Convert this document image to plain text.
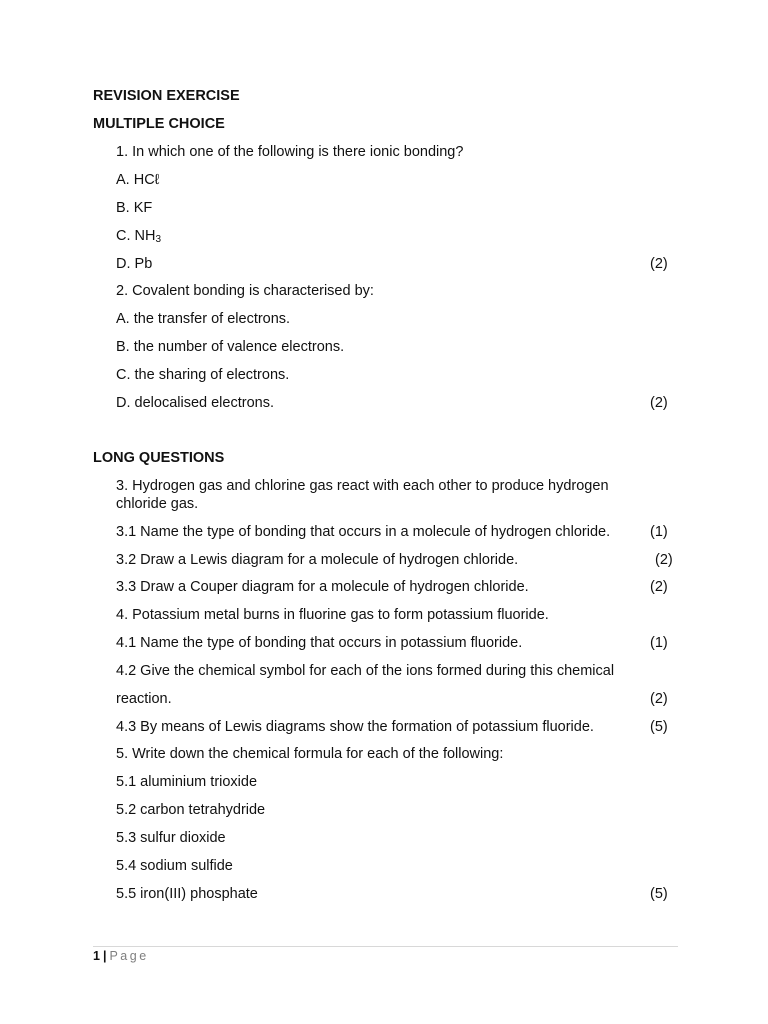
REVISION EXERCISE
MULTIPLE CHOICE
1. In which one of the following is there ionic bonding?
A. HCℓ
B. KF
C. $NH_3$
D. Pb	(2)
2. Covalent bonding is characterised by:
A. the transfer of electrons.
B. the number of valence electrons.
C. the sharing of electrons.
D. delocalised electrons.	(2)
LONG QUESTIONS
3. Hydrogen gas and chlorine gas react with each other to produce hydrogen chloride gas.
3.1 Name the type of bonding that occurs in a molecule of hydrogen chloride.	(1)
3.2 Draw a Lewis diagram for a molecule of hydrogen chloride.	(2)
3.3 Draw a Couper diagram for a molecule of hydrogen chloride.	(2)
4. Potassium metal burns in fluorine gas to form potassium fluoride.
4.1 Name the type of bonding that occurs in potassium fluoride.	(1)
4.2 Give the chemical symbol for each of the ions formed during this chemical
reaction.	(2)
4.3 By means of Lewis diagrams show the formation of potassium fluoride.	(5)
5. Write down the chemical formula for each of the following:
5.1 aluminium trioxide
5.2 carbon tetrahydride
5.3 sulfur dioxide
5.4 sodium sulfide
5.5 iron(III) phosphate	(5)
1 | Page
